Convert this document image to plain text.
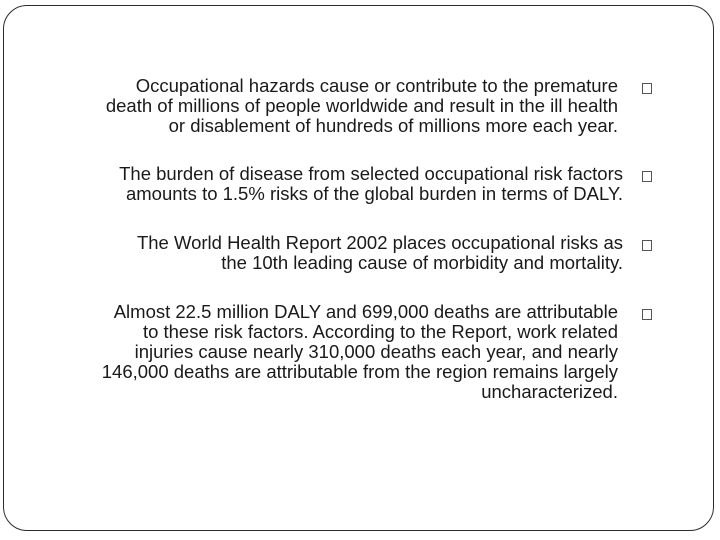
Occupational hazards cause or contribute to the premature
death of millions of people worldwide and result in the ill health
or disablement of hundreds of millions more each year.
The burden of disease from selected occupational risk factors
amounts to 1.5% risks of the global burden in terms of DALY.
The World Health Report 2002 places occupational risks as
the 10th leading cause of morbidity and mortality.
Almost 22.5 million DALY and 699,000 deaths are attributable
to these risk factors. According to the Report, work related
injuries cause nearly 310,000 deaths each year, and nearly
146,000 deaths are attributable from the region remains largely
uncharacterized.
